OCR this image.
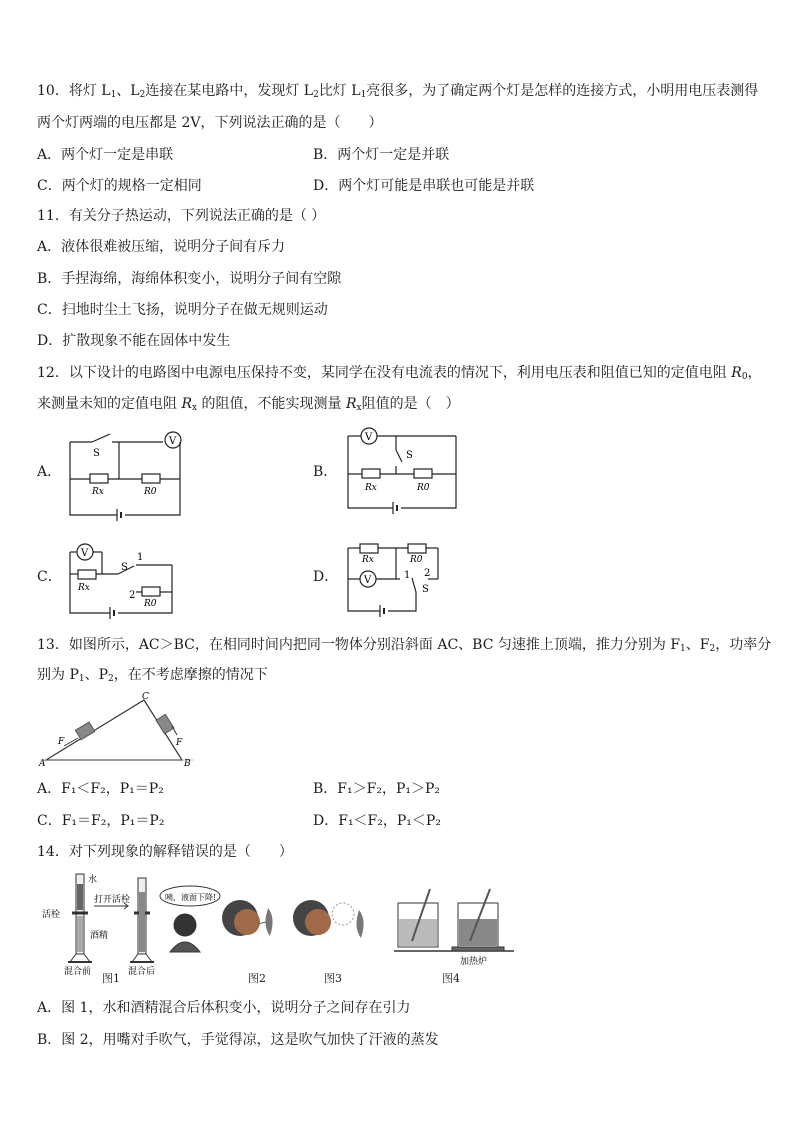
10．将灯 $L_1$、$L_2$连接在某电路中，发现灯 $L_2$比灯 $L_1$亮很多，为了确定两个灯是怎样的连接方式，小明用电压表测得
两个灯两端的电压都是 2V，下列说法正确的是（　　）
A．两个灯一定是串联	B．两个灯一定是并联
C．两个灯的规格一定相同	D．两个灯可能是串联也可能是并联
11．有关分子热运动，下列说法正确的是（ ）
A．液体很难被压缩，说明分子间有斥力
B．手捏海绵，海绵体积变小，说明分子间有空隙
C．扫地时尘土飞扬，说明分子在做无规则运动
D．扩散现象不能在固体中发生
12．以下设计的电路图中电源电压保持不变，某同学在没有电流表的情况下，利用电压表和阻值已知的定值电阻 $R_0$，
来测量未知的定值电阻 $R_x$ 的阻值，不能实现测量 $R_x$阻值的是（　）
A．
V
S
Rx	R0
B．
V
S
Rx	R0
C．
V	1
S
2
Rx
R0
D．	V
Rx	R0
1 2
S
13．如图所示，AC＞BC，在相同时间内把同一物体分别沿斜面 AC、BC 匀速推上顶端，推力分别为 $F_1$、$F_2$，功率分
别为 $P_1$、$P_2$，在不考虑摩擦的情况下
A	B
C
F	F
A．F₁＜F₂，P₁＝P₂	B．F₁＞F₂，P₁＞P₂
C．F₁＝F₂，P₁＝P₂	D．F₁＜F₂，P₁＜P₂
14．对下列现象的解释错误的是（　　）
水
活栓
打开活栓
酒精
混合前	混合后
咦，液面下降!
图1	图2	图3
加热炉
图4
A．图 1，水和酒精混合后体积变小，说明分子之间存在引力
B．图 2，用嘴对手吹气，手觉得凉，这是吹气加快了汗液的蒸发
